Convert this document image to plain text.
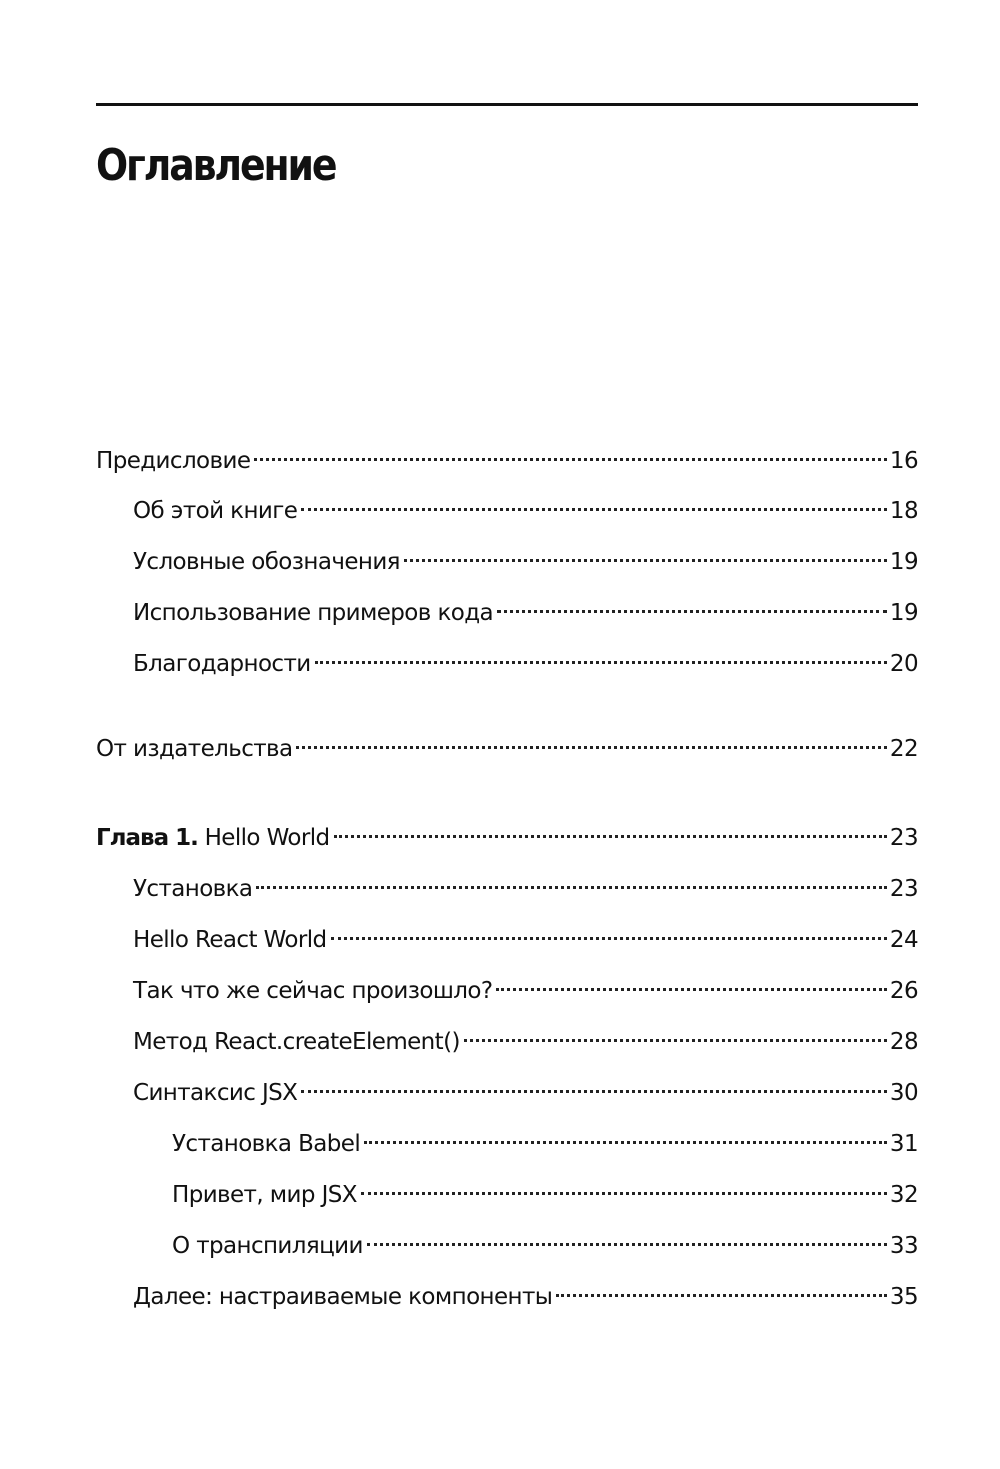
Оглавление
Предисловие	16
Об этой книге	18
Условные обозначения	19
Использование примеров кода	19
Благодарности	20
От издательства	22
Глава 1. Hello World	23
Установка	23
Hello React World	24
Так что же сейчас произошло?	26
Метод React.createElement()	28
Синтаксис JSX	30
Установка Babel	31
Привет, мир JSX	32
О транспиляции	33
Далее: настраиваемые компоненты	35
